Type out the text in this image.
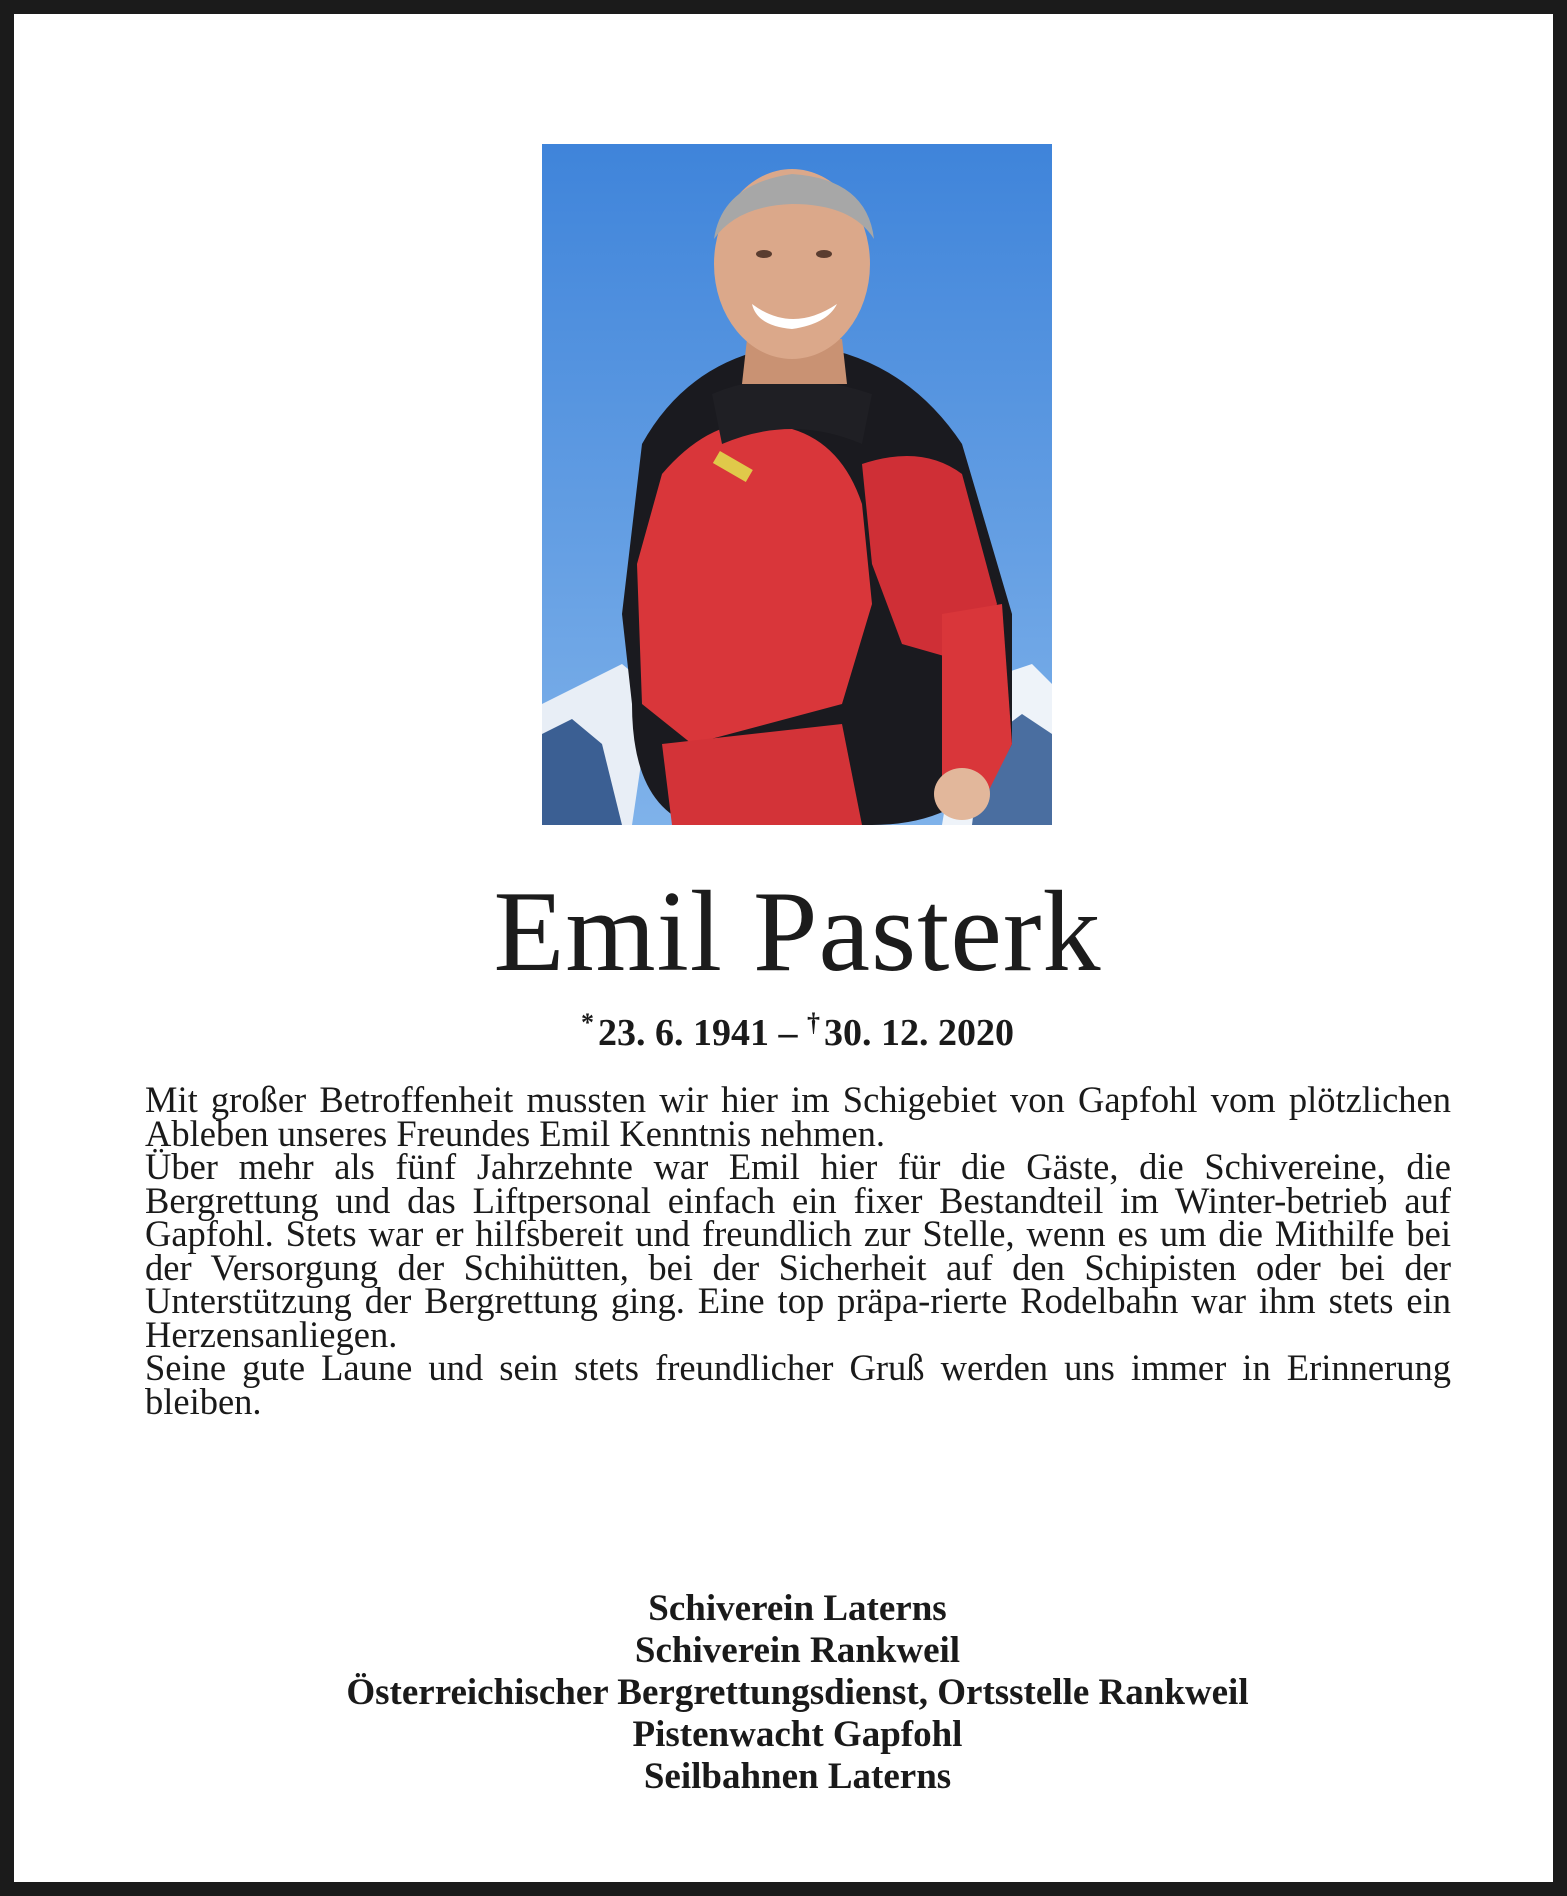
Emil Pasterk
* 23. 6. 1941 – † 30. 12. 2020

Mit großer Betroffenheit mussten wir hier im Schigebiet von Gapfohl vom plötzlichen Ableben unseres Freundes Emil Kenntnis nehmen.

Über mehr als fünf Jahrzehnte war Emil hier für die Gäste, die Schivereine, die Bergrettung und das Liftpersonal einfach ein fixer Bestandteil im Winter-betrieb auf Gapfohl. Stets war er hilfsbereit und freundlich zur Stelle, wenn es um die Mithilfe bei der Versorgung der Schihütten, bei der Sicherheit auf den Schipisten oder bei der Unterstützung der Bergrettung ging. Eine top präpa-rierte Rodelbahn war ihm stets ein Herzensanliegen.

Seine gute Laune und sein stets freundlicher Gruß werden uns immer in Erinnerung bleiben.

Schiverein Laterns
Schiverein Rankweil
Österreichischer Bergrettungsdienst, Ortsstelle Rankweil
Pistenwacht Gapfohl
Seilbahnen Laterns
